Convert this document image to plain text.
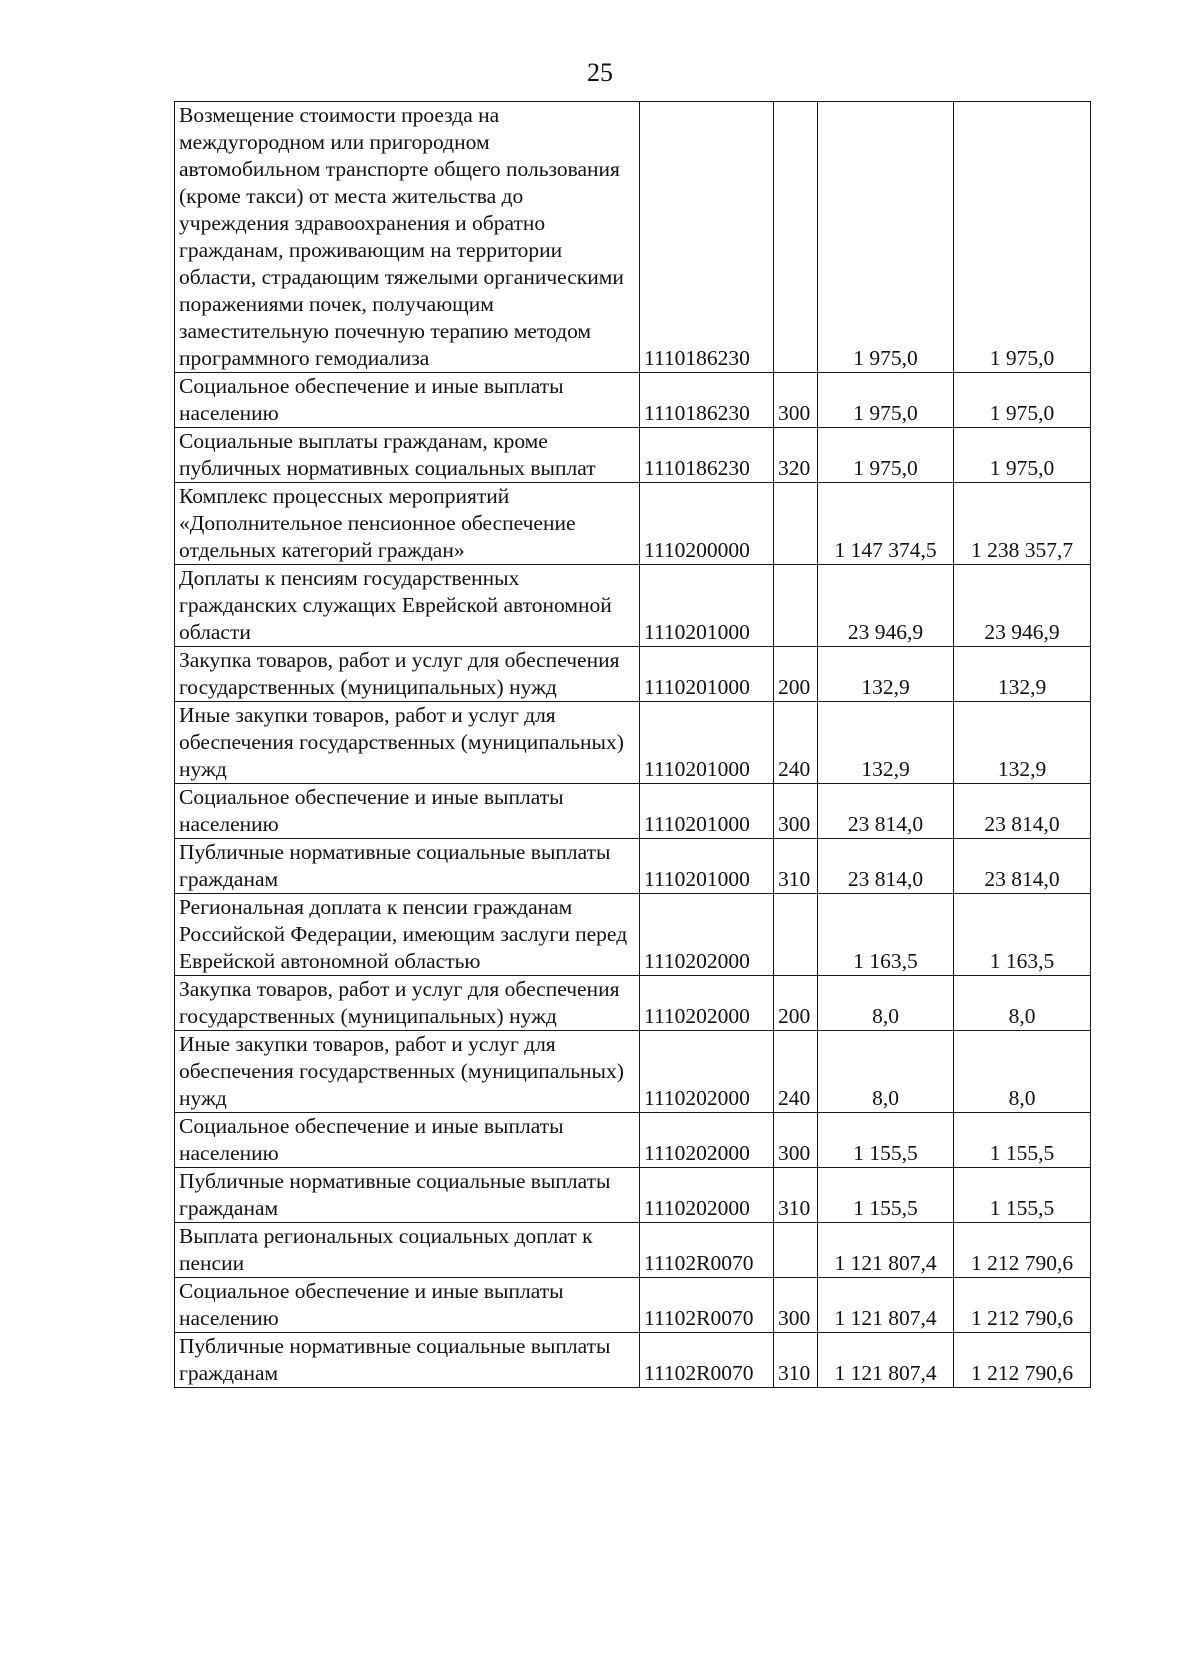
25
Возмещение стоимости проезда на междугородном или пригородном автомобильном транспорте общего пользования (кроме такси) от места жительства до учреждения здравоохранения и обратно гражданам, проживающим на территории области, страдающим тяжелыми органическими поражениями почек, получающим заместительную почечную терапию методом программного гемодиализа	1110186230		1 975,0	1 975,0
Социальное обеспечение и иные выплаты населению	1110186230	300	1 975,0	1 975,0
Социальные выплаты гражданам, кроме публичных нормативных социальных выплат	1110186230	320	1 975,0	1 975,0
Комплекс процессных мероприятий «Дополнительное пенсионное обеспечение отдельных категорий граждан»	1110200000		1 147 374,5	1 238 357,7
Доплаты к пенсиям государственных гражданских служащих Еврейской автономной области	1110201000		23 946,9	23 946,9
Закупка товаров, работ и услуг для обеспечения государственных (муниципальных) нужд	1110201000	200	132,9	132,9
Иные закупки товаров, работ и услуг для обеспечения государственных (муниципальных) нужд	1110201000	240	132,9	132,9
Социальное обеспечение и иные выплаты населению	1110201000	300	23 814,0	23 814,0
Публичные нормативные социальные выплаты гражданам	1110201000	310	23 814,0	23 814,0
Региональная доплата к пенсии гражданам Российской Федерации, имеющим заслуги перед Еврейской автономной областью	1110202000		1 163,5	1 163,5
Закупка товаров, работ и услуг для обеспечения государственных (муниципальных) нужд	1110202000	200	8,0	8,0
Иные закупки товаров, работ и услуг для обеспечения государственных (муниципальных) нужд	1110202000	240	8,0	8,0
Социальное обеспечение и иные выплаты населению	1110202000	300	1 155,5	1 155,5
Публичные нормативные социальные выплаты гражданам	1110202000	310	1 155,5	1 155,5
Выплата региональных социальных доплат к пенсии	11102R0070		1 121 807,4	1 212 790,6
Социальное обеспечение и иные выплаты населению	11102R0070	300	1 121 807,4	1 212 790,6
Публичные нормативные социальные выплаты гражданам	11102R0070	310	1 121 807,4	1 212 790,6
